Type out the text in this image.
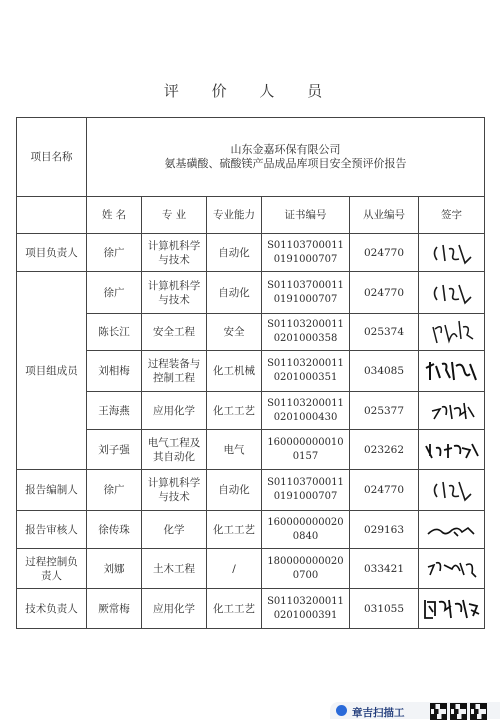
评 价 人 员
项目名称	山东金嘉环保有限公司
氨基磺酸、硫酸镁产品成品库项目安全预评价报告					

	姓 名	专 业	专业能力	证书编号	从业编号	签字
项目负责人	徐广	计算机科学
与技术	自动化	S01103700011
0191000707	024770	

项目组成员	徐广	计算机科学
与技术	自动化	S01103700011
0191000707	024770	

	陈长江	安全工程	安全	S01103200011
0201000358	025374	

	刘相梅	过程装备与
控制工程	化工机械	S01103200011
0201000351	034085	

	王海燕	应用化学	化工工艺	S01103200011
0201000430	025377	

	刘子强	电气工程及
其自动化	电气	160000000010
0157	023262	

报告编制人	徐广	计算机科学
与技术	自动化	S01103700011
0191000707	024770	

报告审核人	徐传珠	化学	化工工艺	160000000020
0840	029163	

过程控制负
责人	刘娜	土木工程	/	180000000020
0700	033421	

技术负责人	厥常梅	应用化学	化工工艺	S01103200011
0201000391	031055	
章吉扫描工
